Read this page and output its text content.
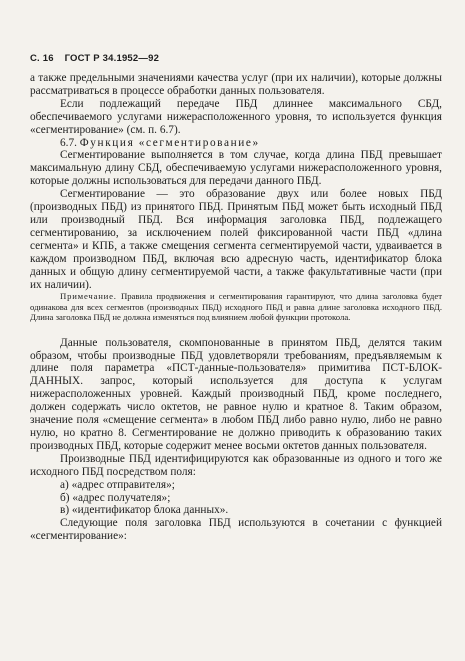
С. 16 ГОСТ Р 34.1952—92

а также предельными значениями качества услуг (при их наличии), которые должны рассматриваться в процессе обработки данных пользователя.

Если подлежащий передаче ПБД длиннее максимального СБД, обеспечиваемого услугами нижерасположенного уровня, то используется функция «сегментирование» (см. п. 6.7).

6.7. Функция «сегментирование»

Сегментирование выполняется в том случае, когда длина ПБД превышает максимальную длину СБД, обеспечиваемую услугами нижерасположенного уровня, которые должны использоваться для передачи данного ПБД.

Сегментирование — это образование двух или более новых ПБД (производных ПБД) из принятого ПБД. Принятым ПБД может быть исходный ПБД или производный ПБД. Вся информация заголовка ПБД, подлежащего сегментированию, за исключением полей фиксированной части ПБД «длина сегмента» и КПБ, а также смещения сегмента сегментируемой части, удваивается в каждом производном ПБД, включая всю адресную часть, идентификатор блока данных и общую длину сегментируемой части, а также факультативные части (при их наличии).

Примечание. Правила продвижения и сегментирования гарантируют, что длина заголовка будет одинакова для всех сегментов (производных ПБД) исходного ПБД и равна длине заголовка исходного ПБД. Длина заголовка ПБД не должна изменяться под влиянием любой функции протокола.

Данные пользователя, скомпонованные в принятом ПБД, делятся таким образом, чтобы производные ПБД удовлетворяли требованиям, предъявляемым к длине поля параметра «ПСТ-данные-пользователя» примитива ПСТ-БЛОК-ДАННЫХ. запрос, который используется для доступа к услугам нижерасположенных уровней. Каждый производный ПБД, кроме последнего, должен содержать число октетов, не равное нулю и кратное 8. Таким образом, значение поля «смещение сегмента» в любом ПБД либо равно нулю, либо не равно нулю, но кратно 8. Сегментирование не должно приводить к образованию таких производных ПБД, которые содержит менее восьми октетов данных пользователя.

Производные ПБД идентифицируются как образованные из одного и того же исходного ПБД посредством поля:

а) «адрес отправителя»;

б) «адрес получателя»;

в) «идентификатор блока данных».

Следующие поля заголовка ПБД используются в сочетании с функцией «сегментирование»:
